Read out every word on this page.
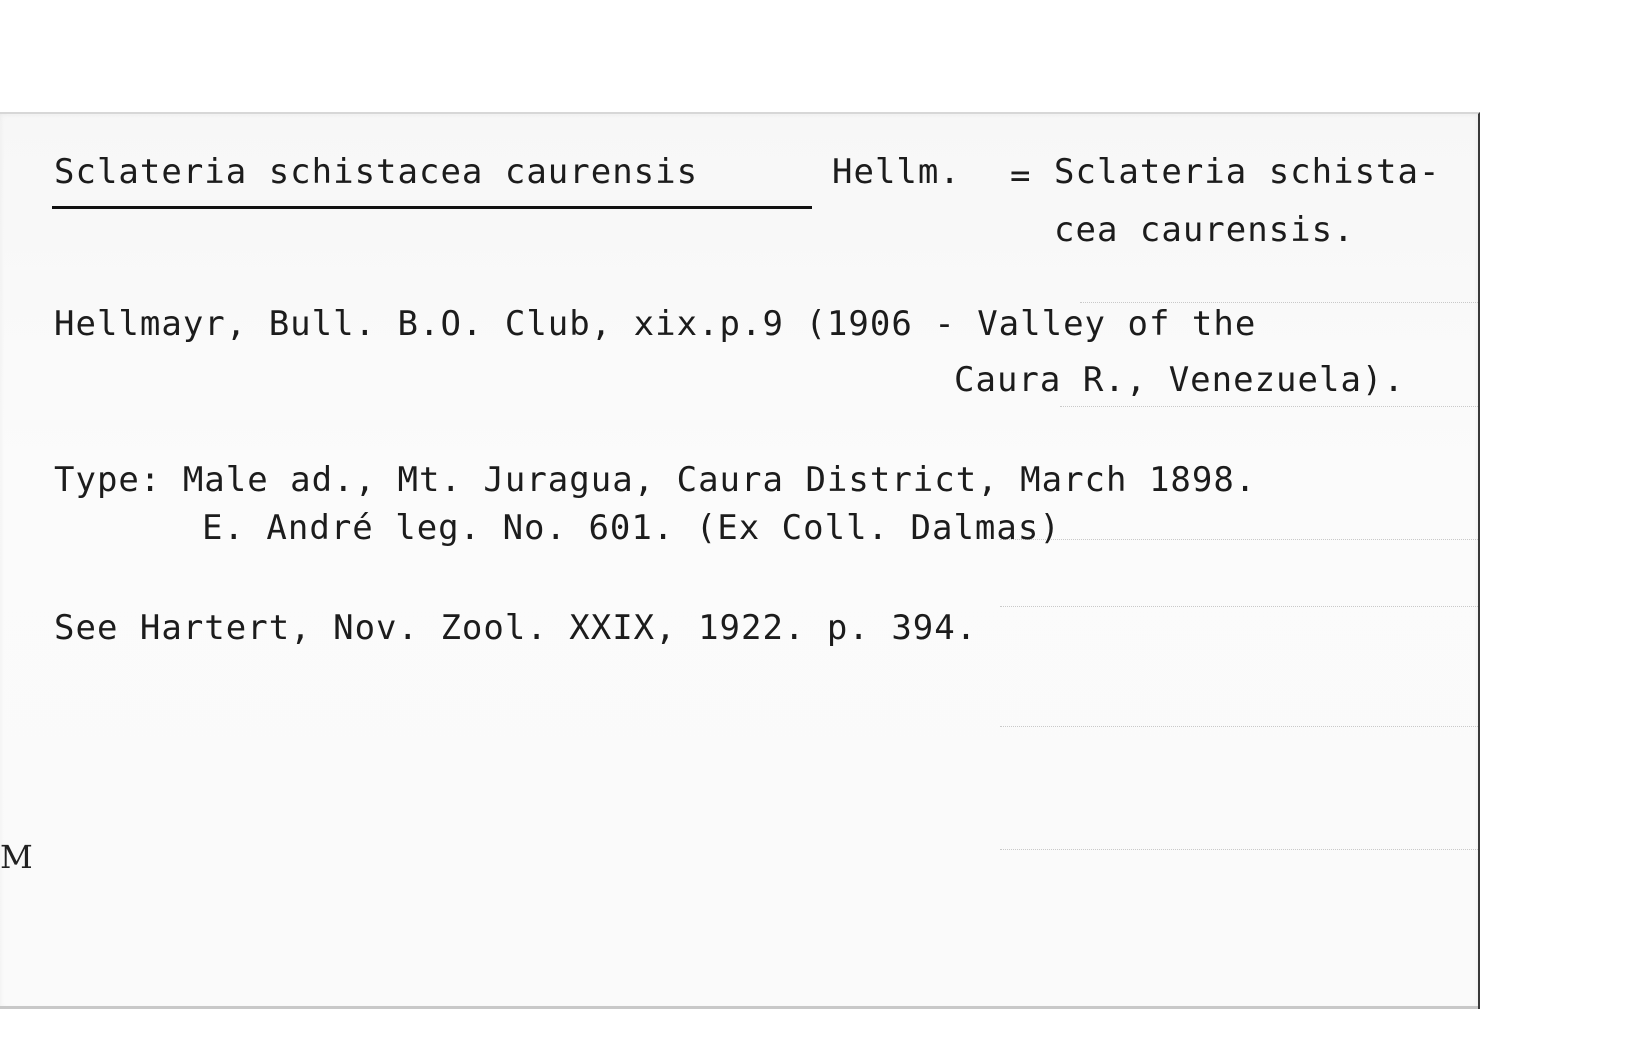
Sclateria schistacea caurensis	Hellm. = Sclateria schista-
cea caurensis.
Hellmayr, Bull. B.O. Club, xix.p.9 (1906 - Valley of the
Caura R., Venezuela).
Type: Male ad., Mt. Juragua, Caura District, March 1898.
E. André leg. No. 601. (Ex Coll. Dalmas)
See Hartert, Nov. Zool. XXIX, 1922. p. 394.
M
